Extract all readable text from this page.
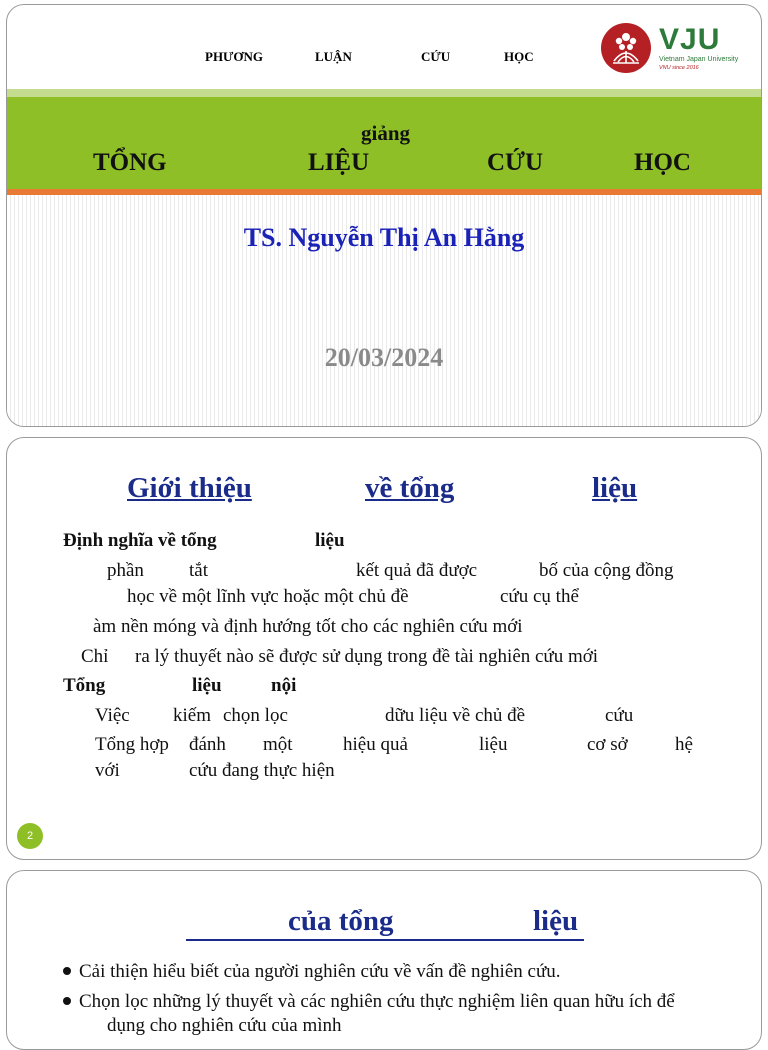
PHƯƠNG	LUẬN	CỨU	HỌC
VJU
Vietnam Japan University
VNU since 2016
giảng
TỔNG	LIỆU	CỨU	HỌC
TS. Nguyễn Thị An Hằng
20/03/2024
Giới thiệu	về tổng	liệu
Định nghĩa về tổng	liệu
phần tắt	kết quả đã được	bố của cộng đồng
học về một lĩnh vực hoặc một chủ đề	cứu cụ thể
àm nền móng và định hướng tốt cho các nghiên cứu mới
Chỉ ra lý thuyết nào sẽ được sử dụng trong đề tài nghiên cứu mới
Tổng	liệu	nội
Việc kiếm chọn lọc	dữu liệu về chủ đề	cứu
Tổng hợp đánh một	hiệu quả	liệu	cơ sở hệ
với	cứu đang thực hiện
2
của tổng	liệu
Cải thiện hiểu biết của người nghiên cứu về vấn đề nghiên cứu.
Chọn lọc những lý thuyết và các nghiên cứu thực nghiệm liên quan hữu ích để
dụng cho nghiên cứu của mình
